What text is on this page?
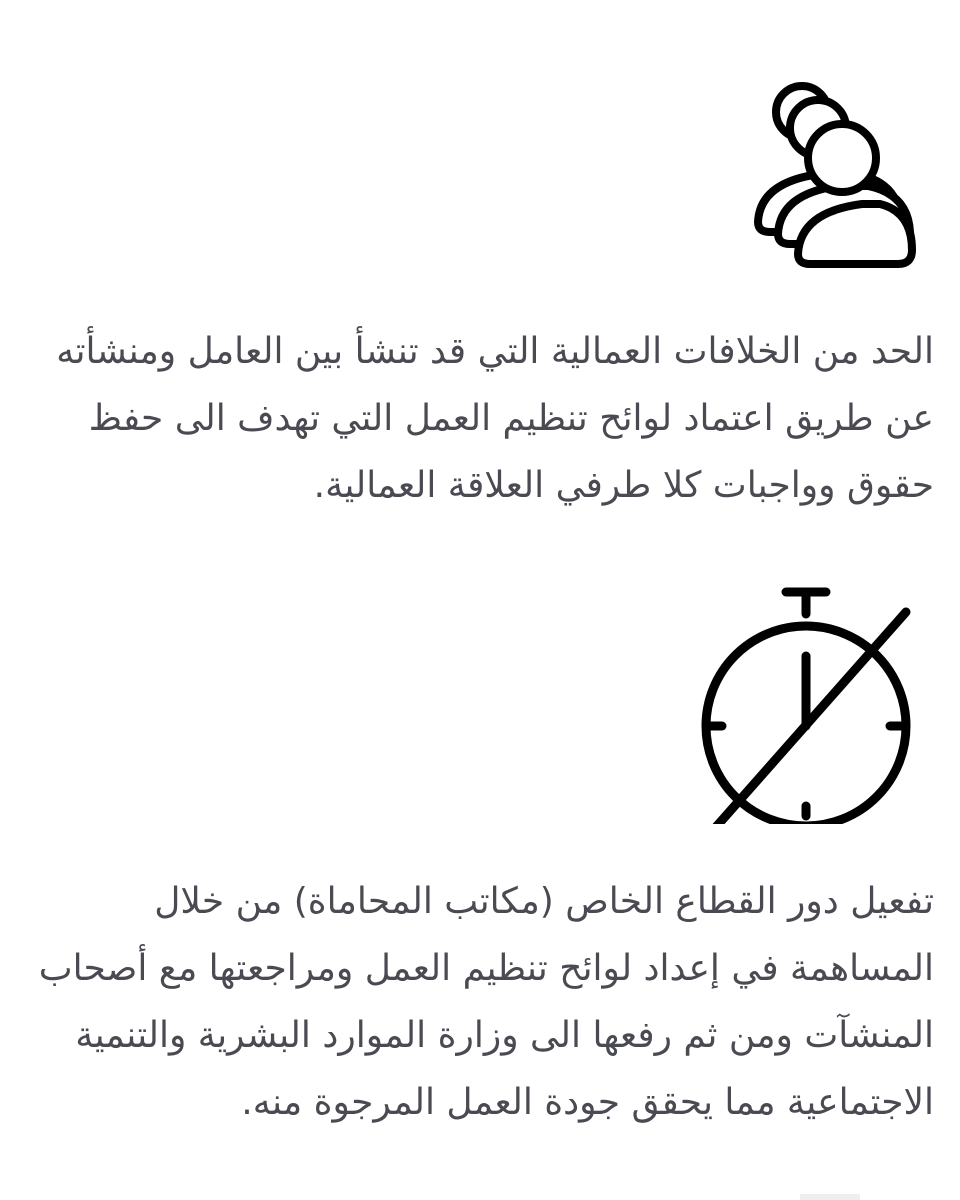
الحد من الخلافات العمالية التي قد تنشأ بين العامل ومنشأته عن طريق اعتماد لوائح تنظيم العمل التي تهدف الى حفظ حقوق وواجبات كلا طرفي العلاقة العمالية.

تفعيل دور القطاع الخاص (مكاتب المحاماة) من خلال المساهمة في إعداد لوائح تنظيم العمل ومراجعتها مع أصحاب المنشآت ومن ثم رفعها الى وزارة الموارد البشرية والتنمية الاجتماعية مما يحقق جودة العمل المرجوة منه.
